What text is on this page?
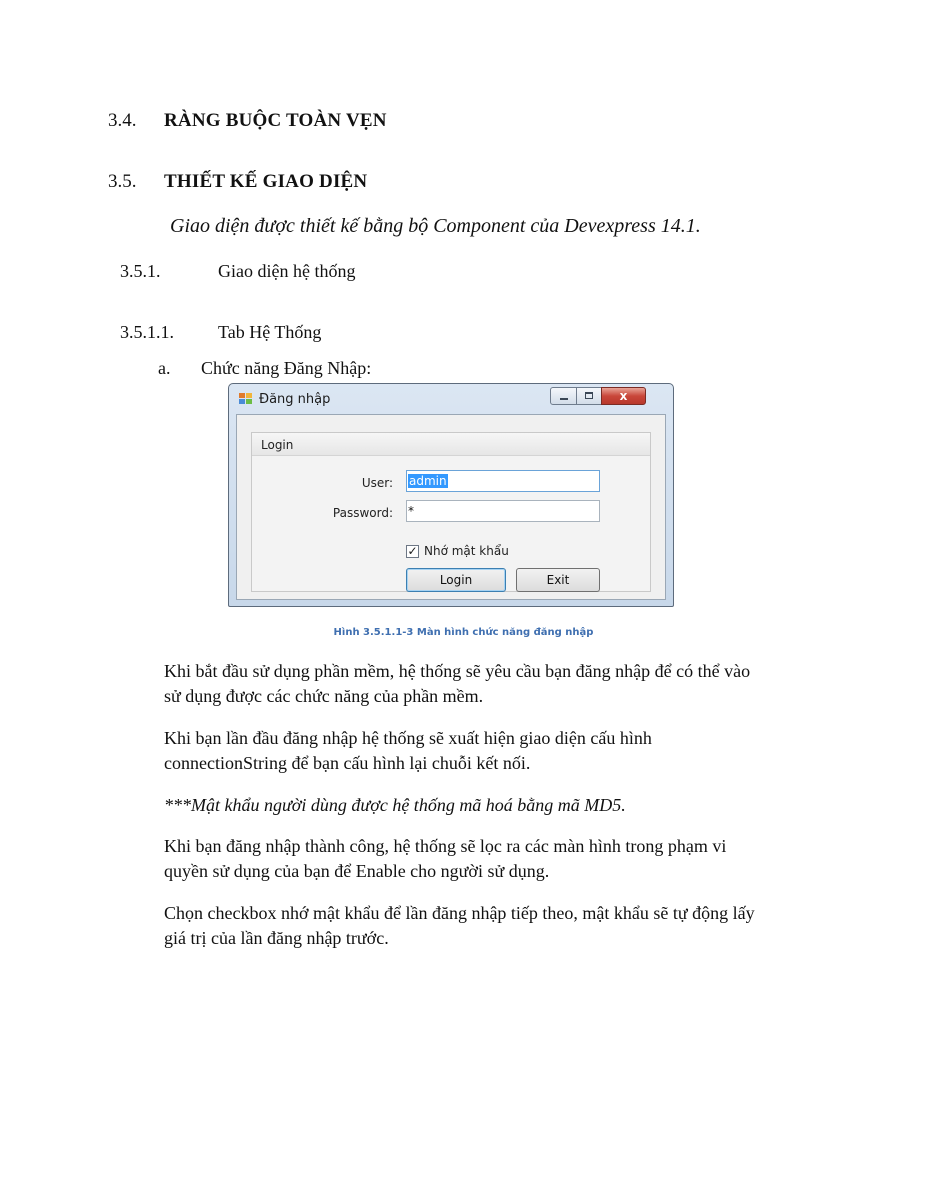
3.4. RÀNG BUỘC TOÀN VẸN
3.5. THIẾT KẾ GIAO DIỆN
Giao diện được thiết kế bằng bộ Component của Devexpress 14.1.
3.5.1.	Giao diện hệ thống
3.5.1.1. Tab Hệ Thống
a. Chức năng Đăng Nhập:
Đăng nhập	x
Login
User: admin
Password: *
✓ Nhớ mật khẩu
Login	Exit
Hình 3.5.1.1-3 Màn hình chức năng đăng nhập
Khi bắt đầu sử dụng phần mềm, hệ thống sẽ yêu cầu bạn đăng nhập để có thể vào
sử dụng được các chức năng của phần mềm.
Khi bạn lần đầu đăng nhập hệ thống sẽ xuất hiện giao diện cấu hình
connectionString để bạn cấu hình lại chuỗi kết nối.
***Mật khẩu người dùng được hệ thống mã hoá bằng mã MD5.
Khi bạn đăng nhập thành công, hệ thống sẽ lọc ra các màn hình trong phạm vi
quyền sử dụng của bạn để Enable cho người sử dụng.
Chọn checkbox nhớ mật khẩu để lần đăng nhập tiếp theo, mật khẩu sẽ tự động lấy
giá trị của lần đăng nhập trước.
